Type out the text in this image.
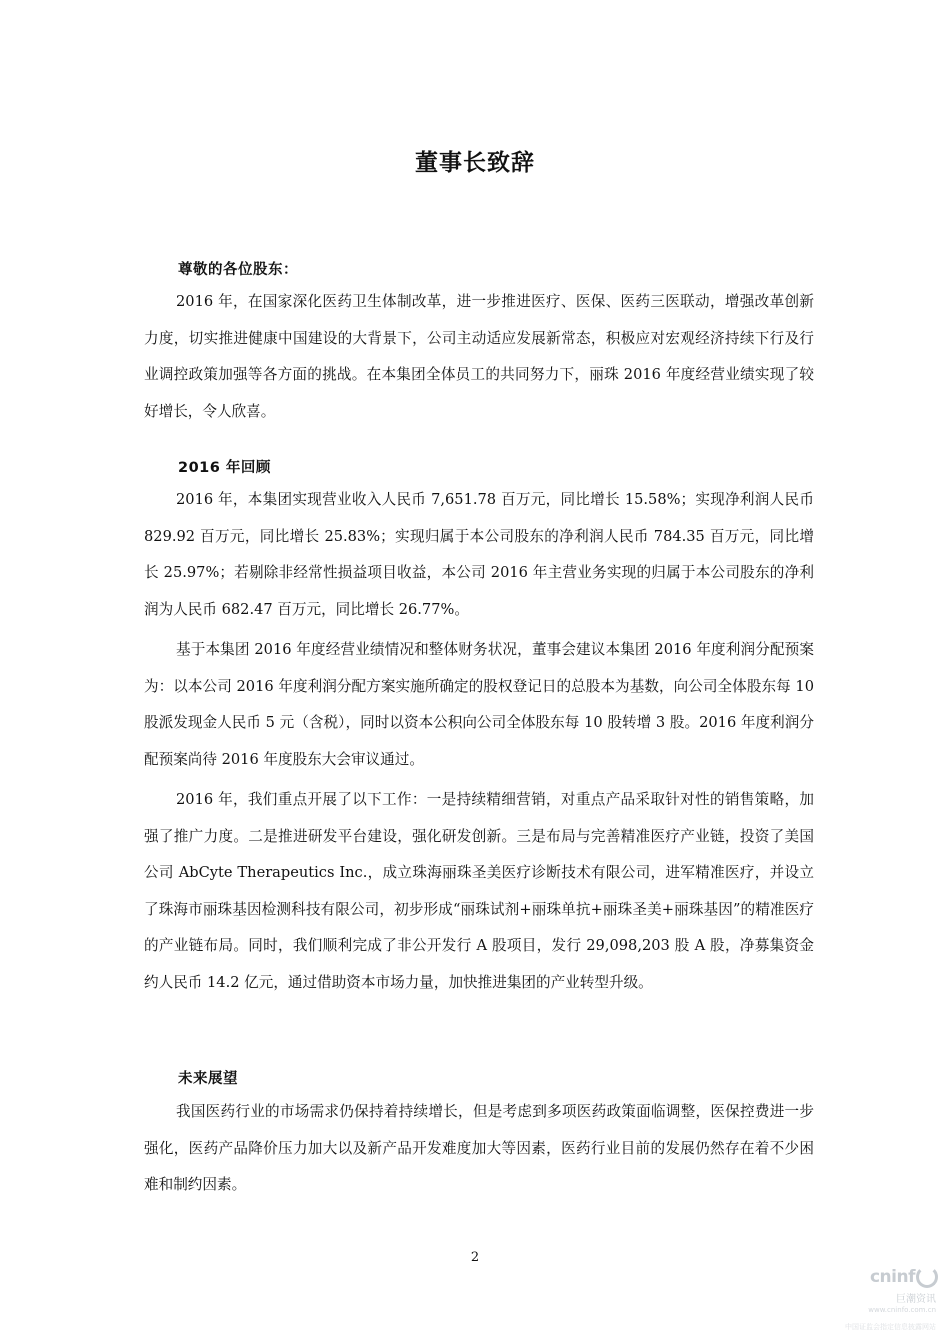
董事长致辞
尊敬的各位股东：

2016 年，在国家深化医药卫生体制改革，进一步推进医疗、医保、医药三医联动，增强改革创新力度，切实推进健康中国建设的大背景下，公司主动适应发展新常态，积极应对宏观经济持续下行及行业调控政策加强等各方面的挑战。在本集团全体员工的共同努力下，丽珠 2016 年度经营业绩实现了较好增长，令人欣喜。

2016 年回顾

2016 年，本集团实现营业收入人民币 7,651.78 百万元，同比增长 15.58%；实现净利润人民币 829.92 百万元，同比增长 25.83%；实现归属于本公司股东的净利润人民币 784.35 百万元，同比增长 25.97%；若剔除非经常性损益项目收益，本公司 2016 年主营业务实现的归属于本公司股东的净利润为人民币 682.47 百万元，同比增长 26.77%。

基于本集团 2016 年度经营业绩情况和整体财务状况，董事会建议本集团 2016 年度利润分配预案为：以本公司 2016 年度利润分配方案实施所确定的股权登记日的总股本为基数，向公司全体股东每 10 股派发现金人民币 5 元（含税），同时以资本公积向公司全体股东每 10 股转增 3 股。2016 年度利润分配预案尚待 2016 年度股东大会审议通过。

2016 年，我们重点开展了以下工作：一是持续精细营销，对重点产品采取针对性的销售策略，加强了推广力度。二是推进研发平台建设，强化研发创新。三是布局与完善精准医疗产业链，投资了美国公司 AbCyte Therapeutics Inc.，成立珠海丽珠圣美医疗诊断技术有限公司，进军精准医疗，并设立了珠海市丽珠基因检测科技有限公司，初步形成“丽珠试剂+丽珠单抗+丽珠圣美+丽珠基因”的精准医疗的产业链布局。同时，我们顺利完成了非公开发行 A 股项目，发行 29,098,203 股 A 股，净募集资金约人民币 14.2 亿元，通过借助资本市场力量，加快推进集团的产业转型升级。

未来展望

我国医药行业的市场需求仍保持着持续增长，但是考虑到多项医药政策面临调整，医保控费进一步强化，医药产品降价压力加大以及新产品开发难度加大等因素，医药行业目前的发展仍然存在着不少困难和制约因素。

2
cninf
巨潮资讯
www.cninfo.com.cn
中国证监会指定信息披露网站
